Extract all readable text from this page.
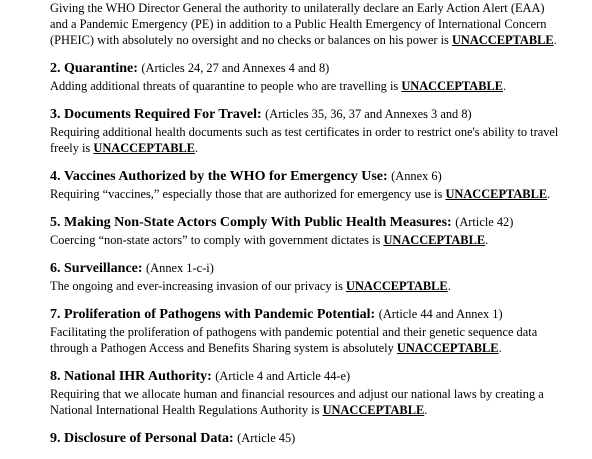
Giving the WHO Director General the authority to unilaterally declare an Early Action Alert (EAA)
and a Pandemic Emergency (PE) in addition to a Public Health Emergency of International Concern
(PHEIC) with absolutely no oversight and no checks or balances on his power is UNACCEPTABLE.
2. Quarantine: (Articles 24, 27 and Annexes 4 and 8)
Adding additional threats of quarantine to people who are travelling is UNACCEPTABLE.
3. Documents Required For Travel: (Articles 35, 36, 37 and Annexes 3 and 8)
Requiring additional health documents such as test certificates in order to restrict one's ability to travel
freely is UNACCEPTABLE.
4. Vaccines Authorized by the WHO for Emergency Use: (Annex 6)
Requiring “vaccines,” especially those that are authorized for emergency use is UNACCEPTABLE.
5. Making Non-State Actors Comply With Public Health Measures: (Article 42)
Coercing “non-state actors” to comply with government dictates is UNACCEPTABLE.
6. Surveillance: (Annex 1-c-i)
The ongoing and ever-increasing invasion of our privacy is UNACCEPTABLE.
7. Proliferation of Pathogens with Pandemic Potential: (Article 44 and Annex 1)
Facilitating the proliferation of pathogens with pandemic potential and their genetic sequence data
through a Pathogen Access and Benefits Sharing system is absolutely UNACCEPTABLE.
8. National IHR Authority: (Article 4 and Article 44-e)
Requiring that we allocate human and financial resources and adjust our national laws by creating a
National International Health Regulations Authority is UNACCEPTABLE.
9. Disclosure of Personal Data: (Article 45)
